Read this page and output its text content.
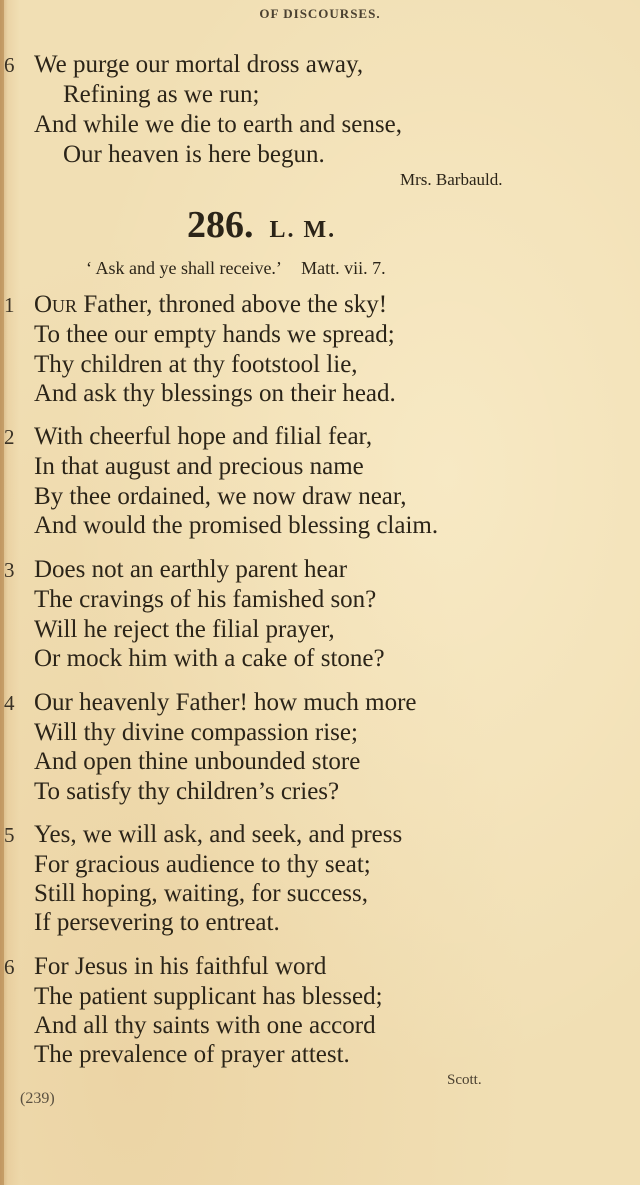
OF DISCOURSES.
6 We purge our mortal dross away,
Refining as we run;
And while we die to earth and sense,
Our heaven is here begun.
Mrs. Barbauld.
286. L. M.
‘ Ask and ye shall receive.’ Matt. vii. 7.
1 Our Father, throned above the sky!
To thee our empty hands we spread;
Thy children at thy footstool lie,
And ask thy blessings on their head.
2 With cheerful hope and filial fear,
In that august and precious name
By thee ordained, we now draw near,
And would the promised blessing claim.
3 Does not an earthly parent hear
The cravings of his famished son?
Will he reject the filial prayer,
Or mock him with a cake of stone?
4 Our heavenly Father! how much more
Will thy divine compassion rise;
And open thine unbounded store
To satisfy thy children’s cries?
5 Yes, we will ask, and seek, and press
For gracious audience to thy seat;
Still hoping, waiting, for success,
If persevering to entreat.
6 For Jesus in his faithful word
The patient supplicant has blessed;
And all thy saints with one accord
The prevalence of prayer attest.
Scott.
(239)
